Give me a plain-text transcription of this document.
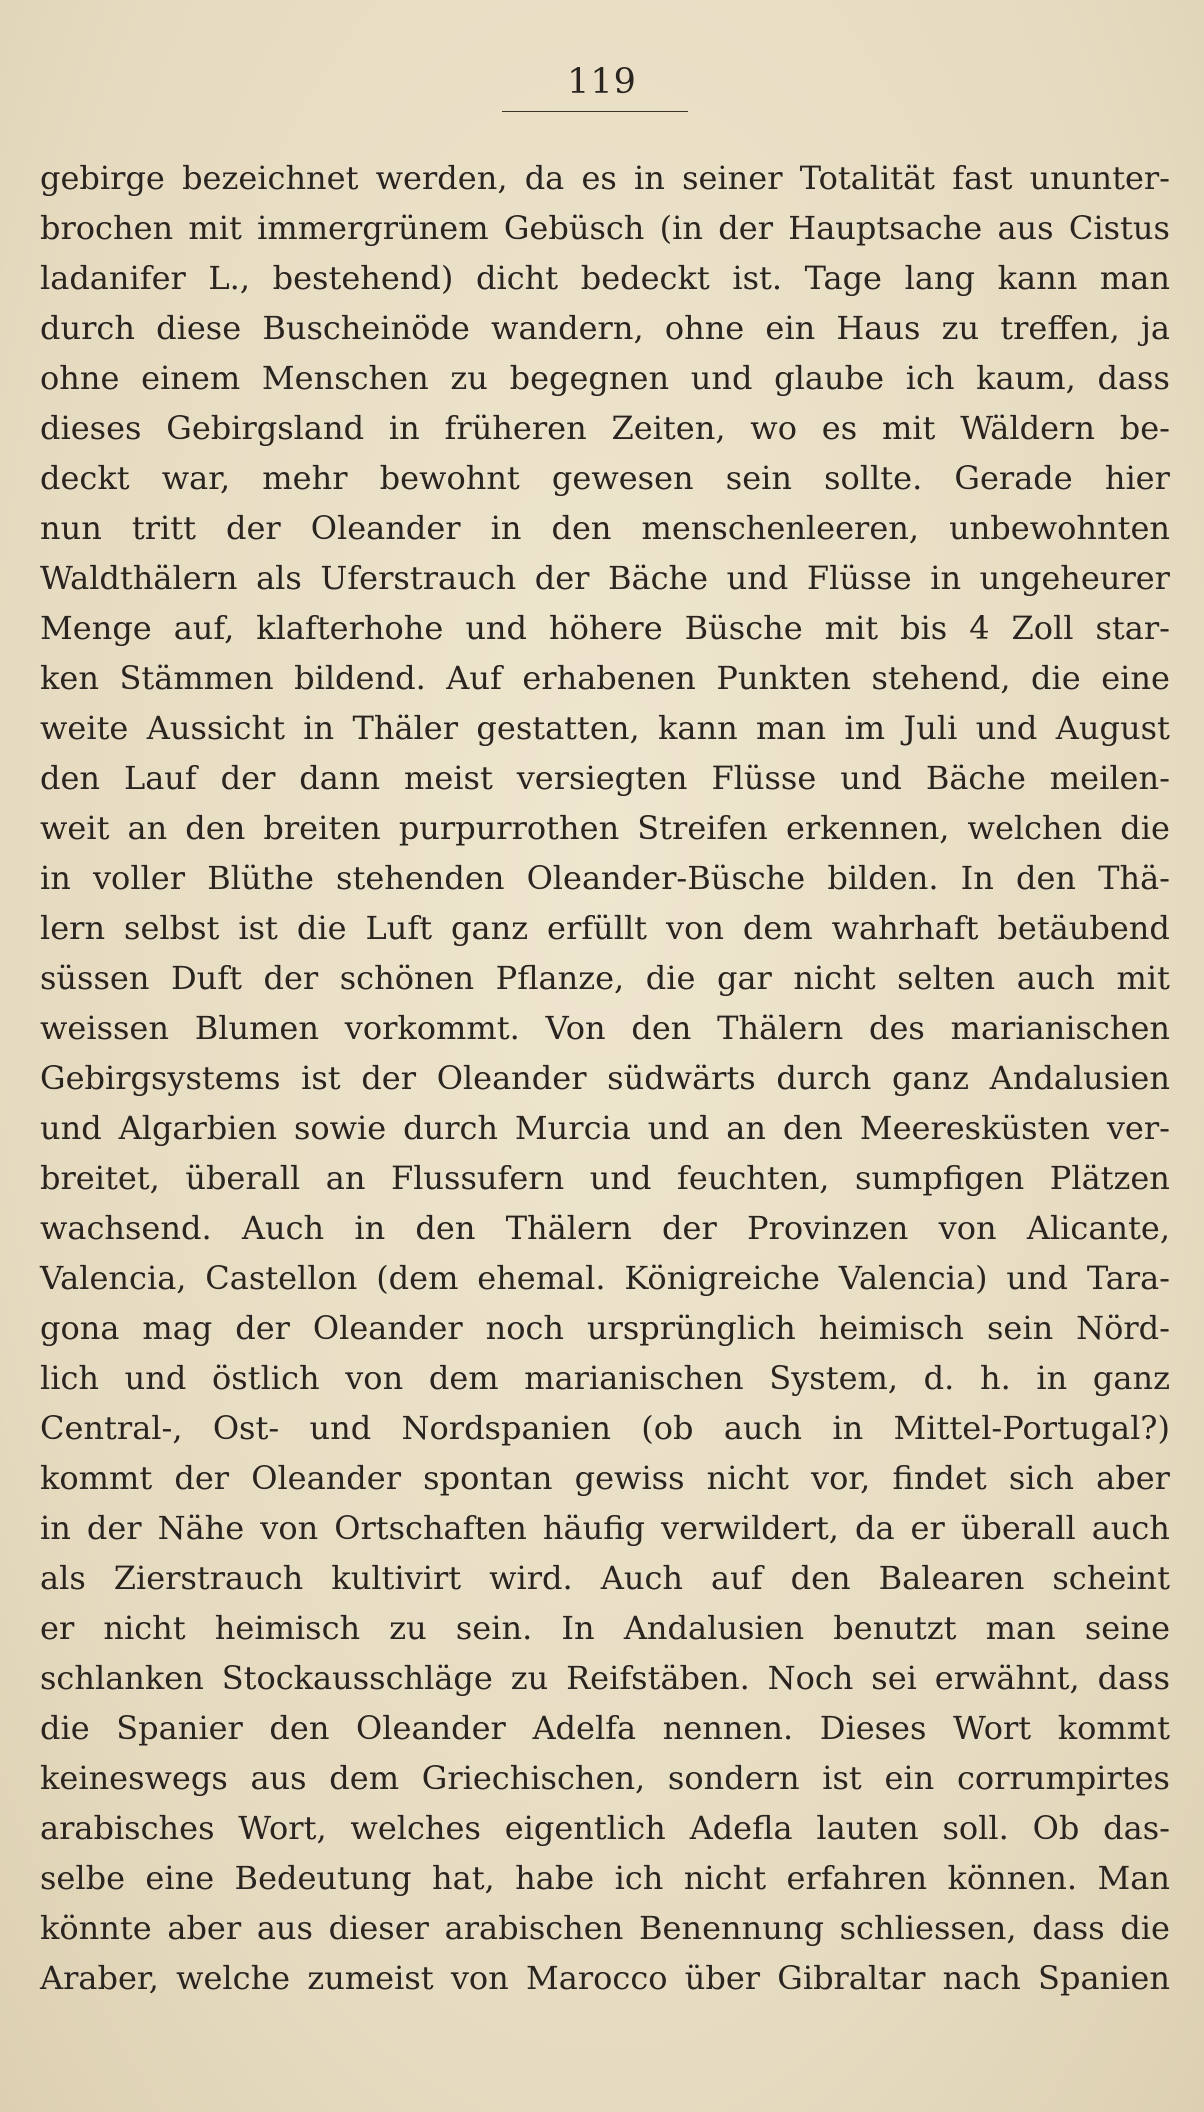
119
gebirge bezeichnet werden, da es in seiner Totalität fast ununter-
brochen mit immergrünem Gebüsch (in der Hauptsache aus Cistus
ladanifer L., bestehend) dicht bedeckt ist. Tage lang kann man
durch diese Buscheinöde wandern, ohne ein Haus zu treffen, ja
ohne einem Menschen zu begegnen und glaube ich kaum, dass
dieses Gebirgsland in früheren Zeiten, wo es mit Wäldern be-
deckt war, mehr bewohnt gewesen sein sollte. Gerade hier
nun tritt der Oleander in den menschenleeren, unbewohnten
Waldthälern als Uferstrauch der Bäche und Flüsse in ungeheurer
Menge auf, klafterhohe und höhere Büsche mit bis 4 Zoll star-
ken Stämmen bildend. Auf erhabenen Punkten stehend, die eine
weite Aussicht in Thäler gestatten, kann man im Juli und August
den Lauf der dann meist versiegten Flüsse und Bäche meilen-
weit an den breiten purpurrothen Streifen erkennen, welchen die
in voller Blüthe stehenden Oleander-Büsche bilden. In den Thä-
lern selbst ist die Luft ganz erfüllt von dem wahrhaft betäubend
süssen Duft der schönen Pflanze, die gar nicht selten auch mit
weissen Blumen vorkommt. Von den Thälern des marianischen
Gebirgsystems ist der Oleander südwärts durch ganz Andalusien
und Algarbien sowie durch Murcia und an den Meeresküsten ver-
breitet, überall an Flussufern und feuchten, sumpfigen Plätzen
wachsend. Auch in den Thälern der Provinzen von Alicante,
Valencia, Castellon (dem ehemal. Königreiche Valencia) und Tara-
gona mag der Oleander noch ursprünglich heimisch sein Nörd-
lich und östlich von dem marianischen System, d. h. in ganz
Central-, Ost- und Nordspanien (ob auch in Mittel-Portugal?)
kommt der Oleander spontan gewiss nicht vor, findet sich aber
in der Nähe von Ortschaften häufig verwildert, da er überall auch
als Zierstrauch kultivirt wird. Auch auf den Balearen scheint
er nicht heimisch zu sein. In Andalusien benutzt man seine
schlanken Stockausschläge zu Reifstäben. Noch sei erwähnt, dass
die Spanier den Oleander Adelfa nennen. Dieses Wort kommt
keineswegs aus dem Griechischen, sondern ist ein corrumpirtes
arabisches Wort, welches eigentlich Adefla lauten soll. Ob das-
selbe eine Bedeutung hat, habe ich nicht erfahren können. Man
könnte aber aus dieser arabischen Benennung schliessen, dass die
Araber, welche zumeist von Marocco über Gibraltar nach Spanien
